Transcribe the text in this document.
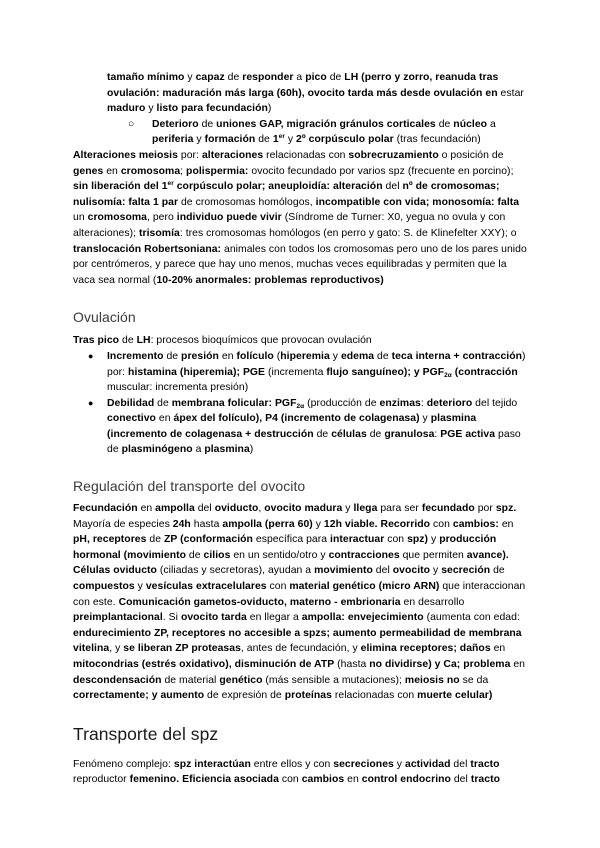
tamaño mínimo y capaz de responder a pico de LH (perro y zorro, reanuda tras ovulación: maduración más larga (60h), ovocito tarda más desde ovulación en estar maduro y listo para fecundación)

○ Deterioro de uniones GAP, migración gránulos corticales de núcleo a periferia y formación de 1er y 2º corpúsculo polar (tras fecundación)

Alteraciones meiosis por: alteraciones relacionadas con sobrecruzamiento o posición de genes en cromosoma; polispermia: ovocito fecundado por varios spz (frecuente en porcino); sin liberación del 1er corpúsculo polar; aneuploidía: alteración del nº de cromosomas; nulisomía: falta 1 par de cromosomas homólogos, incompatible con vida; monosomía: falta un cromosoma, pero individuo puede vivir (Síndrome de Turner: X0, yegua no ovula y con alteraciones); trisomía: tres cromosomas homólogos (en perro y gato: S. de Klinefelter XXY); o translocación Robertsoniana: animales con todos los cromosomas pero uno de los pares unido por centrómeros, y parece que hay uno menos, muchas veces equilibradas y permiten que la vaca sea normal (10-20% anormales: problemas reproductivos)

Ovulación

Tras pico de LH: procesos bioquímicos que provocan ovulación

● Incremento de presión en folículo (hiperemia y edema de teca interna + contracción) por: histamina (hiperemia); PGE (incrementa flujo sanguíneo); y $PGF_{2\alpha}$ (contracción muscular: incrementa presión)
● Debilidad de membrana folicular: $PGF_{2\alpha}$ (producción de enzimas: deterioro del tejido conectivo en ápex del folículo), P4 (incremento de colagenasa) y plasmina (incremento de colagenasa + destrucción de células de granulosa: PGE activa paso de plasminógeno a plasmina)
Regulación del transporte del ovocito

Fecundación en ampolla del oviducto, ovocito madura y llega para ser fecundado por spz. Mayoría de especies 24h hasta ampolla (perra 60) y 12h viable. Recorrido con cambios: en pH, receptores de ZP (conformación específica para interactuar con spz) y producción hormonal (movimiento de cilios en un sentido/otro y contracciones que permiten avance). Células oviducto (ciliadas y secretoras), ayudan a movimiento del ovocito y secreción de compuestos y vesículas extracelulares con material genético (micro ARN) que interaccionan con este. Comunicación gametos-oviducto, materno - embrionaria en desarrollo preimplantacional. Si ovocito tarda en llegar a ampolla: envejecimiento (aumenta con edad: endurecimiento ZP, receptores no accesible a spzs; aumento permeabilidad de membrana vitelina, y se liberan ZP proteasas, antes de fecundación, y elimina receptores; daños en mitocondrias (estrés oxidativo), disminución de ATP (hasta no dividirse) y Ca; problema en descondensación de material genético (más sensible a mutaciones); meiosis no se da correctamente; y aumento de expresión de proteínas relacionadas con muerte celular)

Transporte del spz

Fenómeno complejo: spz interactúan entre ellos y con secreciones y actividad del tracto reproductor femenino. Eficiencia asociada con cambios en control endocrino del tracto
